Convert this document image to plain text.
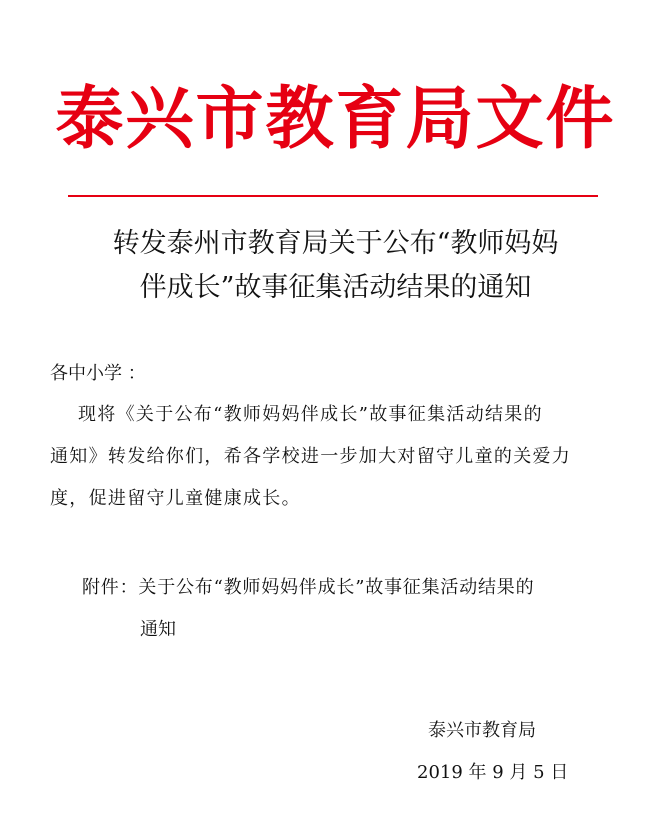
泰兴市教育局文件
转发泰州市教育局关于公布“教师妈妈
伴成长”故事征集活动结果的通知
各中小学 ：
现将《关于公布“教师妈妈伴成长”故事征集活动结果的
通知》转发给你们，希各学校进一步加大对留守儿童的关爱力
度，促进留守儿童健康成长。
附件：关于公布“教师妈妈伴成长”故事征集活动结果的
通知
泰兴市教育局
2019 年 9 月 5 日
